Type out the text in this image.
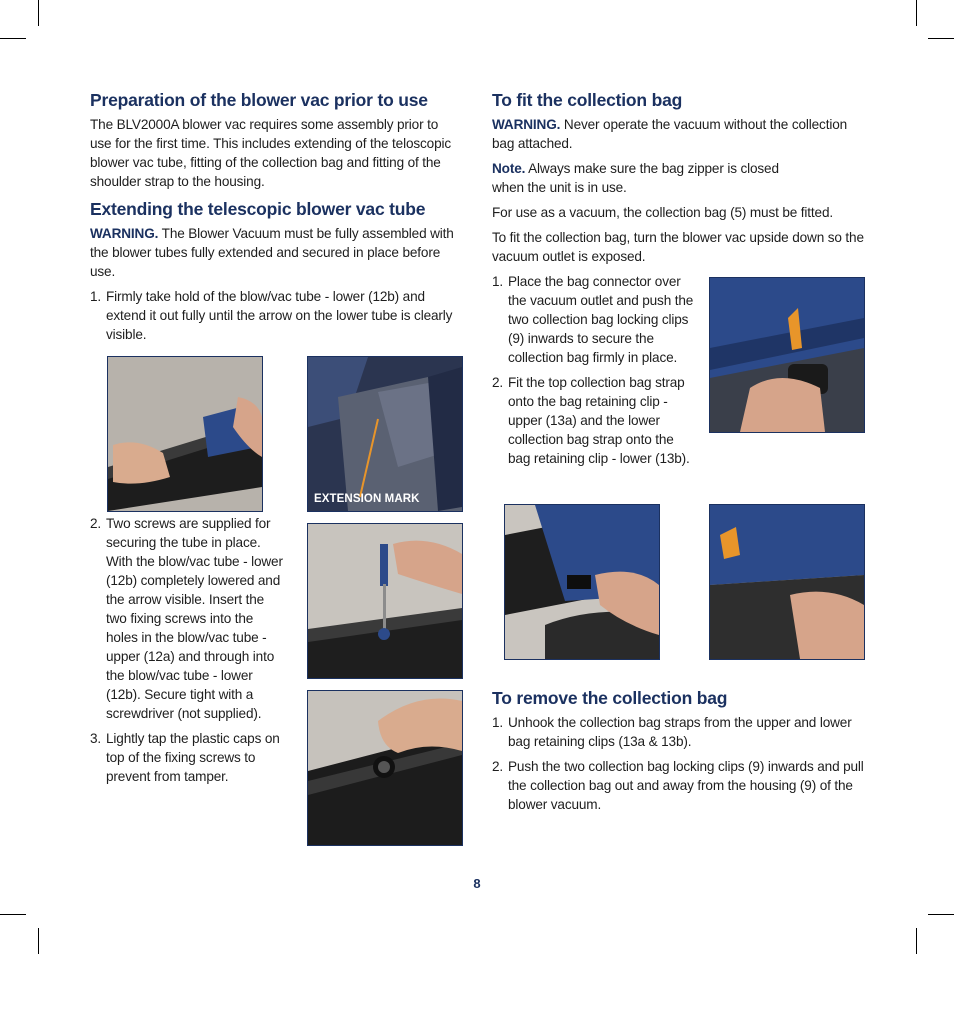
Preparation of the blower vac prior to use

The BLV2000A blower vac requires some assembly prior to use for the first time. This includes extending of the teloscopic blower vac tube, fitting of the collection bag and fitting of the shoulder strap to the housing.

Extending the telescopic blower vac tube

WARNING. The Blower Vacuum must be fully assembled with the blower tubes fully extended and secured in place before use.

1. Firmly take hold of the blow/vac tube - lower (12b) and extend it out fully until the arrow on the lower tube is clearly visible.
2. Two screws are supplied for securing the tube in place. With the blow/vac tube - lower (12b) completely lowered and the arrow visible. Insert the two fixing screws into the holes in the blow/vac tube - upper (12a) and through into the blow/vac tube - lower (12b). Secure tight with a screwdriver (not supplied).
3. Lightly tap the plastic caps on top of the fixing screws to prevent from tamper.
EXTENSION MARK
To fit the collection bag

WARNING. Never operate the vacuum without the collection bag attached.

Note. Always make sure the bag zipper is closed when the unit is in use.

For use as a vacuum, the collection bag (5) must be fitted.

To fit the collection bag, turn the blower vac upside down so the vacuum outlet is exposed.

1. Place the bag connector over the vacuum outlet and push the two collection bag locking clips (9) inwards to secure the collection bag firmly in place.
2. Fit the top collection bag strap onto the bag retaining clip - upper (13a) and the lower collection bag strap onto the bag retaining clip - lower (13b).
To remove the collection bag
1. Unhook the collection bag straps from the upper and lower bag retaining clips (13a & 13b).
2. Push the two collection bag locking clips (9) inwards and pull the collection bag out and away from the housing (9) of the blower vacuum.
8
